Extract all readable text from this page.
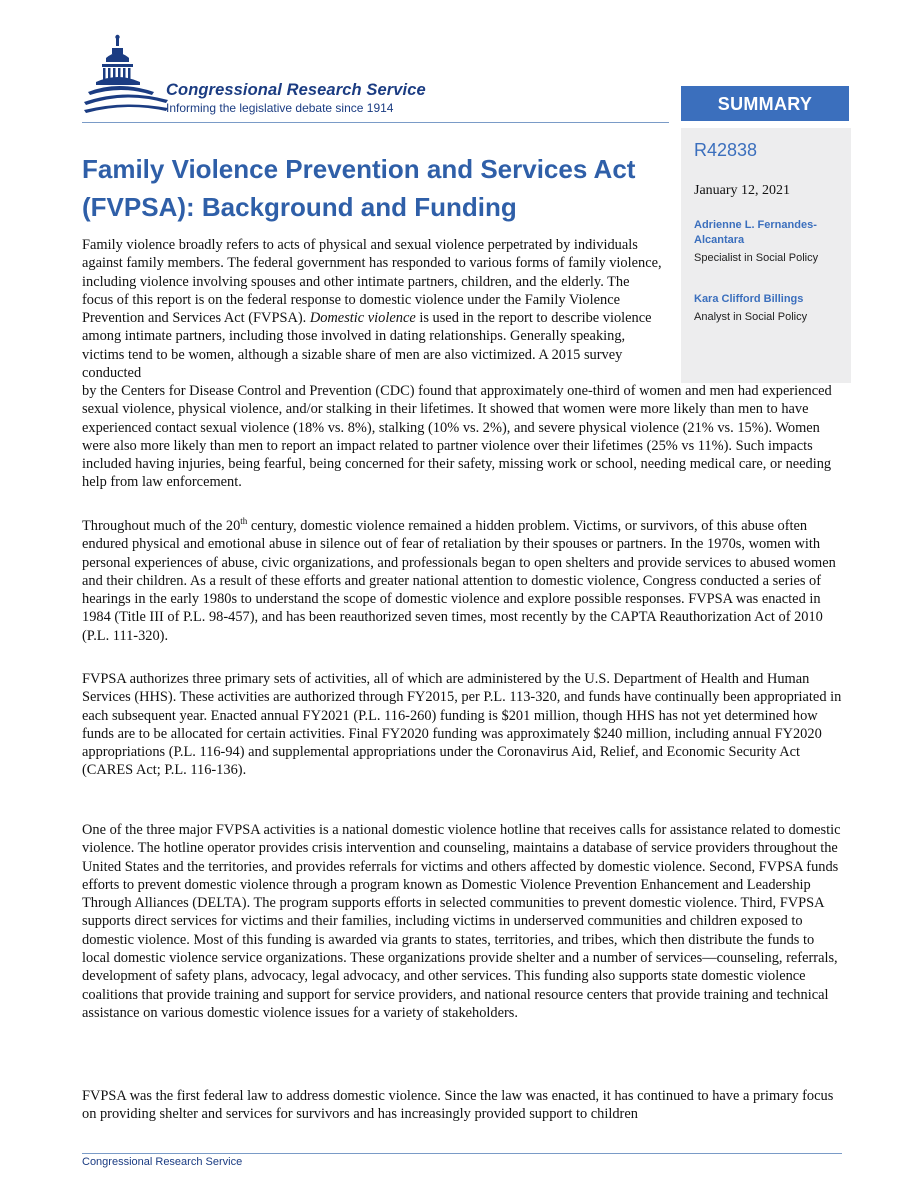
Congressional Research Service
Informing the legislative debate since 1914	SUMMARY
R42838
January 12, 2021
Adrienne L. Fernandes-Alcantara
Specialist in Social Policy
Kara Clifford Billings
Analyst in Social Policy
Family Violence Prevention and Services Act (FVPSA): Background and Funding

Family violence broadly refers to acts of physical and sexual violence perpetrated by individuals against family members. The federal government has responded to various forms of family violence, including violence involving spouses and other intimate partners, children, and the elderly. The focus of this report is on the federal response to domestic violence under the Family Violence Prevention and Services Act (FVPSA). Domestic violence is used in the report to describe violence among intimate partners, including those involved in dating relationships. Generally speaking, victims tend to be women, although a sizable share of men are also victimized. A 2015 survey conducted

by the Centers for Disease Control and Prevention (CDC) found that approximately one-third of women and men had experienced sexual violence, physical violence, and/or stalking in their lifetimes. It showed that women were more likely than men to have experienced contact sexual violence (18% vs. 8%), stalking (10% vs. 2%), and severe physical violence (21% vs. 15%). Women were also more likely than men to report an impact related to partner violence over their lifetimes (25% vs 11%). Such impacts included having injuries, being fearful, being concerned for their safety, missing work or school, needing medical care, or needing help from law enforcement.

Throughout much of the 20th century, domestic violence remained a hidden problem. Victims, or survivors, of this abuse often endured physical and emotional abuse in silence out of fear of retaliation by their spouses or partners. In the 1970s, women with personal experiences of abuse, civic organizations, and professionals began to open shelters and provide services to abused women and their children. As a result of these efforts and greater national attention to domestic violence, Congress conducted a series of hearings in the early 1980s to understand the scope of domestic violence and explore possible responses. FVPSA was enacted in 1984 (Title III of P.L. 98-457), and has been reauthorized seven times, most recently by the CAPTA Reauthorization Act of 2010 (P.L. 111-320).

FVPSA authorizes three primary sets of activities, all of which are administered by the U.S. Department of Health and Human Services (HHS). These activities are authorized through FY2015, per P.L. 113-320, and funds have continually been appropriated in each subsequent year. Enacted annual FY2021 (P.L. 116-260) funding is $201 million, though HHS has not yet determined how funds are to be allocated for certain activities. Final FY2020 funding was approximately $240 million, including annual FY2020 appropriations (P.L. 116-94) and supplemental appropriations under the Coronavirus Aid, Relief, and Economic Security Act (CARES Act; P.L. 116-136).

One of the three major FVPSA activities is a national domestic violence hotline that receives calls for assistance related to domestic violence. The hotline operator provides crisis intervention and counseling, maintains a database of service providers throughout the United States and the territories, and provides referrals for victims and others affected by domestic violence. Second, FVPSA funds efforts to prevent domestic violence through a program known as Domestic Violence Prevention Enhancement and Leadership Through Alliances (DELTA). The program supports efforts in selected communities to prevent domestic violence. Third, FVPSA supports direct services for victims and their families, including victims in underserved communities and children exposed to domestic violence. Most of this funding is awarded via grants to states, territories, and tribes, which then distribute the funds to local domestic violence service organizations. These organizations provide shelter and a number of services—counseling, referrals, development of safety plans, advocacy, legal advocacy, and other services. This funding also supports state domestic violence coalitions that provide training and support for service providers, and national resource centers that provide training and technical assistance on various domestic violence issues for a variety of stakeholders.

FVPSA was the first federal law to address domestic violence. Since the law was enacted, it has continued to have a primary focus on providing shelter and services for survivors and has increasingly provided support to children

Congressional Research Service
